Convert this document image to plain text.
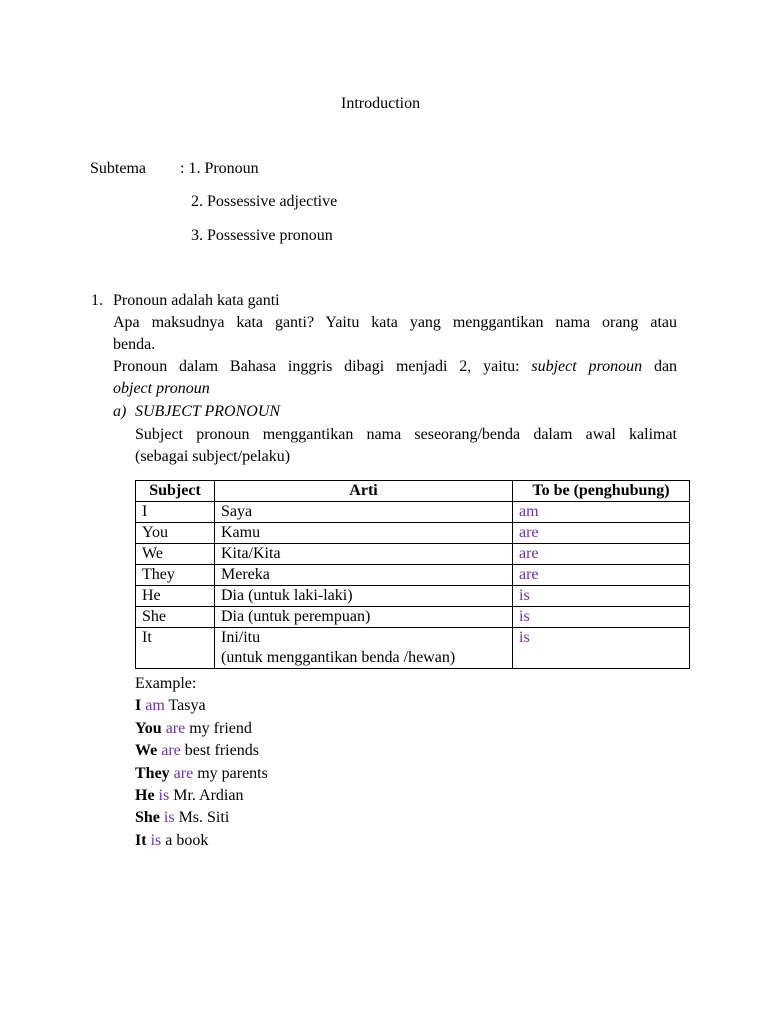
Introduction
Subtema : 1. Pronoun
2. Possessive adjective
3. Possessive pronoun
1. Pronoun adalah kata ganti
Apa maksudnya kata ganti? Yaitu kata yang menggantikan nama orang atau
benda.
Pronoun dalam Bahasa inggris dibagi menjadi 2, yaitu: subject pronoun dan
object pronoun
a) SUBJECT PRONOUN
Subject pronoun menggantikan nama seseorang/benda dalam awal kalimat
(sebagai subject/pelaku)
Subject	Arti	To be (penghubung)
I	Saya	am
You	Kamu	are
We	Kita/Kita	are
They	Mereka	are
He	Dia (untuk laki-laki)	is
She	Dia (untuk perempuan)	is
It	Ini/itu
(untuk menggantikan benda /hewan)	is
Example:
I am Tasya
You are my friend
We are best friends
They are my parents
He is Mr. Ardian
She is Ms. Siti
It is a book
